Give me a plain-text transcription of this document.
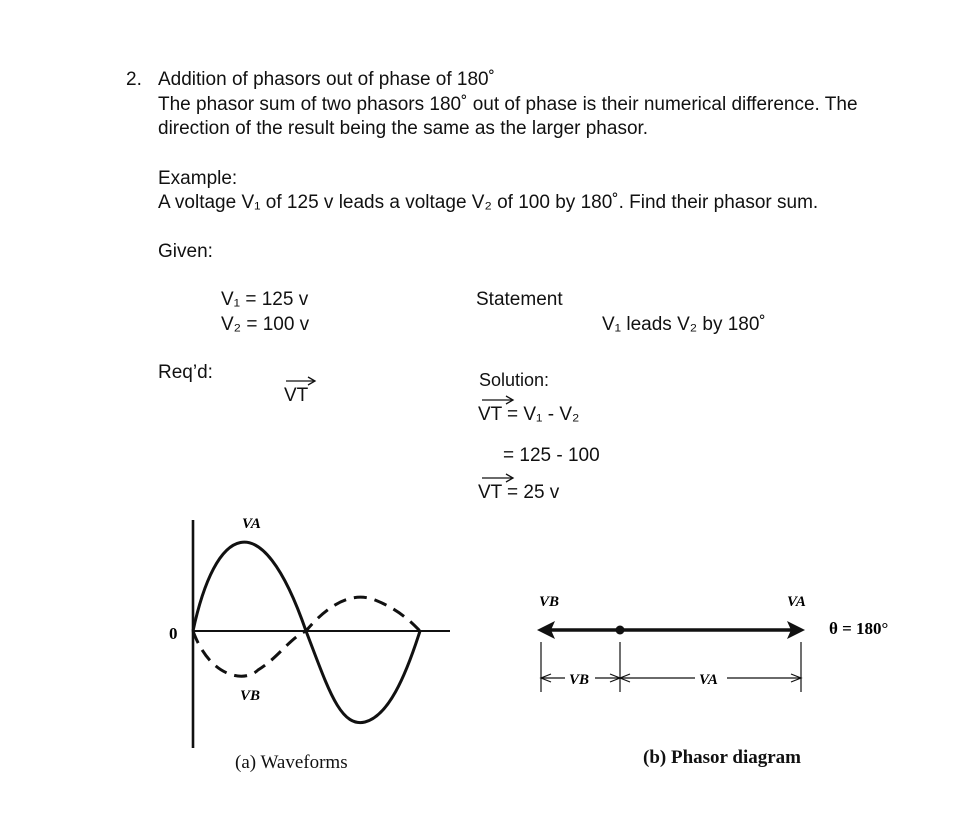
2. Addition of phasors out of phase of 180˚
The phasor sum of two phasors 180˚ out of phase is their numerical difference. The
direction of the result being the same as the larger phasor.
Example:
A voltage V₁ of 125 v leads a voltage V₂ of 100 by 180˚. Find their phasor sum.
Given:
V₁ = 125 v
V₂ = 100 v
Statement
V₁ leads V₂ by 180˚
Req’d:
VT
Solution:
VT = V₁ - V₂
= 125 - 100
VT = 25 v
0
VA
VB
(a) Waveforms
VB	VA
θ = 180°
VB	VA
(b) Phasor diagram
